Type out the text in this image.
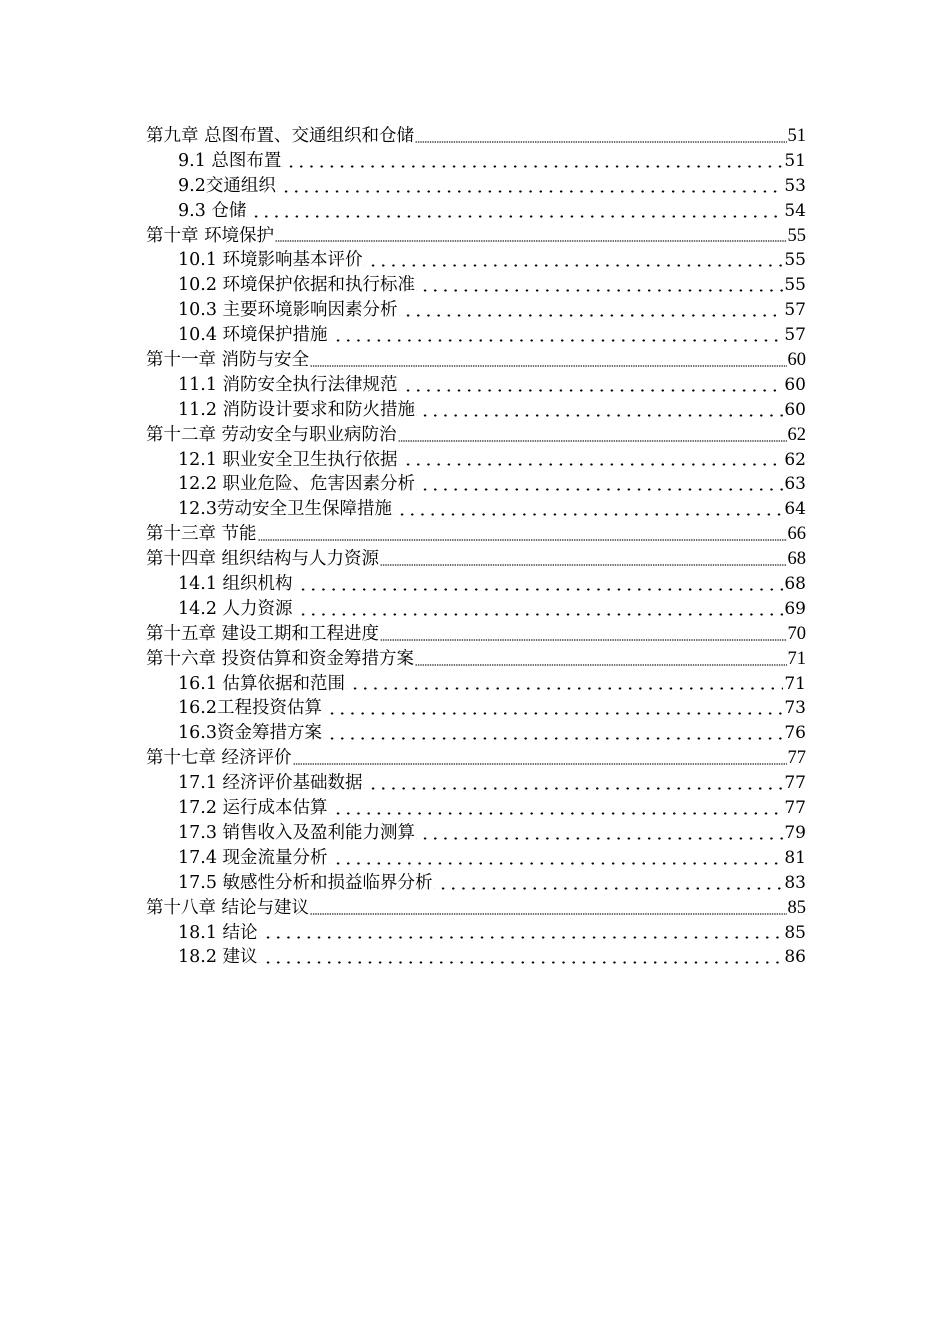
第九章 总图布置、交通组织和仓储	51
9.1 总图布置	51
9.2交通组织	53
9.3 仓储	54
第十章 环境保护	55
10.1 环境影响基本评价	55
10.2 环境保护依据和执行标准	55
10.3 主要环境影响因素分析	57
10.4 环境保护措施	57
第十一章 消防与安全	60
11.1 消防安全执行法律规范	60
11.2 消防设计要求和防火措施	60
第十二章 劳动安全与职业病防治	62
12.1 职业安全卫生执行依据	62
12.2 职业危险、危害因素分析	63
12.3劳动安全卫生保障措施	64
第十三章 节能	66
第十四章 组织结构与人力资源	68
14.1 组织机构	68
14.2 人力资源	69
第十五章 建设工期和工程进度	70
第十六章 投资估算和资金筹措方案	71
16.1 估算依据和范围	71
16.2工程投资估算	73
16.3资金筹措方案	76
第十七章 经济评价	77
17.1 经济评价基础数据	77
17.2 运行成本估算	77
17.3 销售收入及盈利能力测算	79
17.4 现金流量分析	81
17.5 敏感性分析和损益临界分析	83
第十八章 结论与建议	85
18.1 结论	85
18.2 建议	86
